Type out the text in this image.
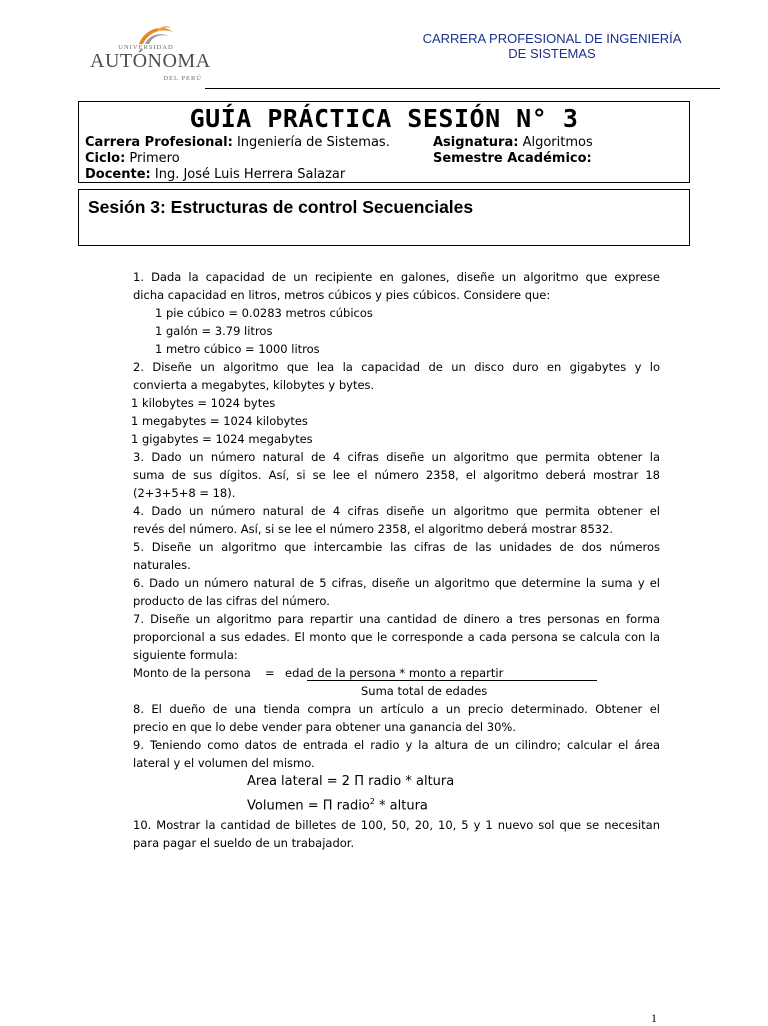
UNIVERSIDAD
AUTÓNOMA
DEL PERÚ
CARRERA PROFESIONAL DE INGENIERÍA
DE SISTEMAS
GUÍA PRÁCTICA SESIÓN N° 3
Carrera Profesional: Ingeniería de Sistemas.	Asignatura: Algoritmos
Ciclo: Primero	Semestre Académico:
Docente: Ing. José Luis Herrera Salazar
Sesión 3: Estructuras de control Secuenciales
1. Dada la capacidad de un recipiente en galones, diseñe un algoritmo que exprese
dicha capacidad en litros, metros cúbicos y pies cúbicos. Considere que:
1 pie cúbico = 0.0283 metros cúbicos
1 galón = 3.79 litros
1 metro cúbico = 1000 litros
2. Diseñe un algoritmo que lea la capacidad de un disco duro en gigabytes y lo
convierta a megabytes, kilobytes y bytes.
1 kilobytes = 1024 bytes
1 megabytes = 1024 kilobytes
1 gigabytes = 1024 megabytes
3. Dado un número natural de 4 cifras diseñe un algoritmo que permita obtener la
suma de sus dígitos. Así, si se lee el número 2358, el algoritmo deberá mostrar 18
(2+3+5+8 = 18).
4. Dado un número natural de 4 cifras diseñe un algoritmo que permita obtener el
revés del número. Así, si se lee el número 2358, el algoritmo deberá mostrar 8532.
5. Diseñe un algoritmo que intercambie las cifras de las unidades de dos números
naturales.
6. Dado un número natural de 5 cifras, diseñe un algoritmo que determine la suma y el
producto de las cifras del número.
7. Diseñe un algoritmo para repartir una cantidad de dinero a tres personas en forma
proporcional a sus edades. El monto que le corresponde a cada persona se calcula con la
siguiente formula:
Monto de la persona = edad de la persona * monto a repartir
Suma total de edades
8. El dueño de una tienda compra un artículo a un precio determinado. Obtener el
precio en que lo debe vender para obtener una ganancia del 30%.
9. Teniendo como datos de entrada el radio y la altura de un cilindro; calcular el área
lateral y el volumen del mismo.
Area lateral = 2 Π radio * altura
Volumen = Π radio$^2$ * altura
10. Mostrar la cantidad de billetes de 100, 50, 20, 10, 5 y 1 nuevo sol que se necesitan
para pagar el sueldo de un trabajador.
1
